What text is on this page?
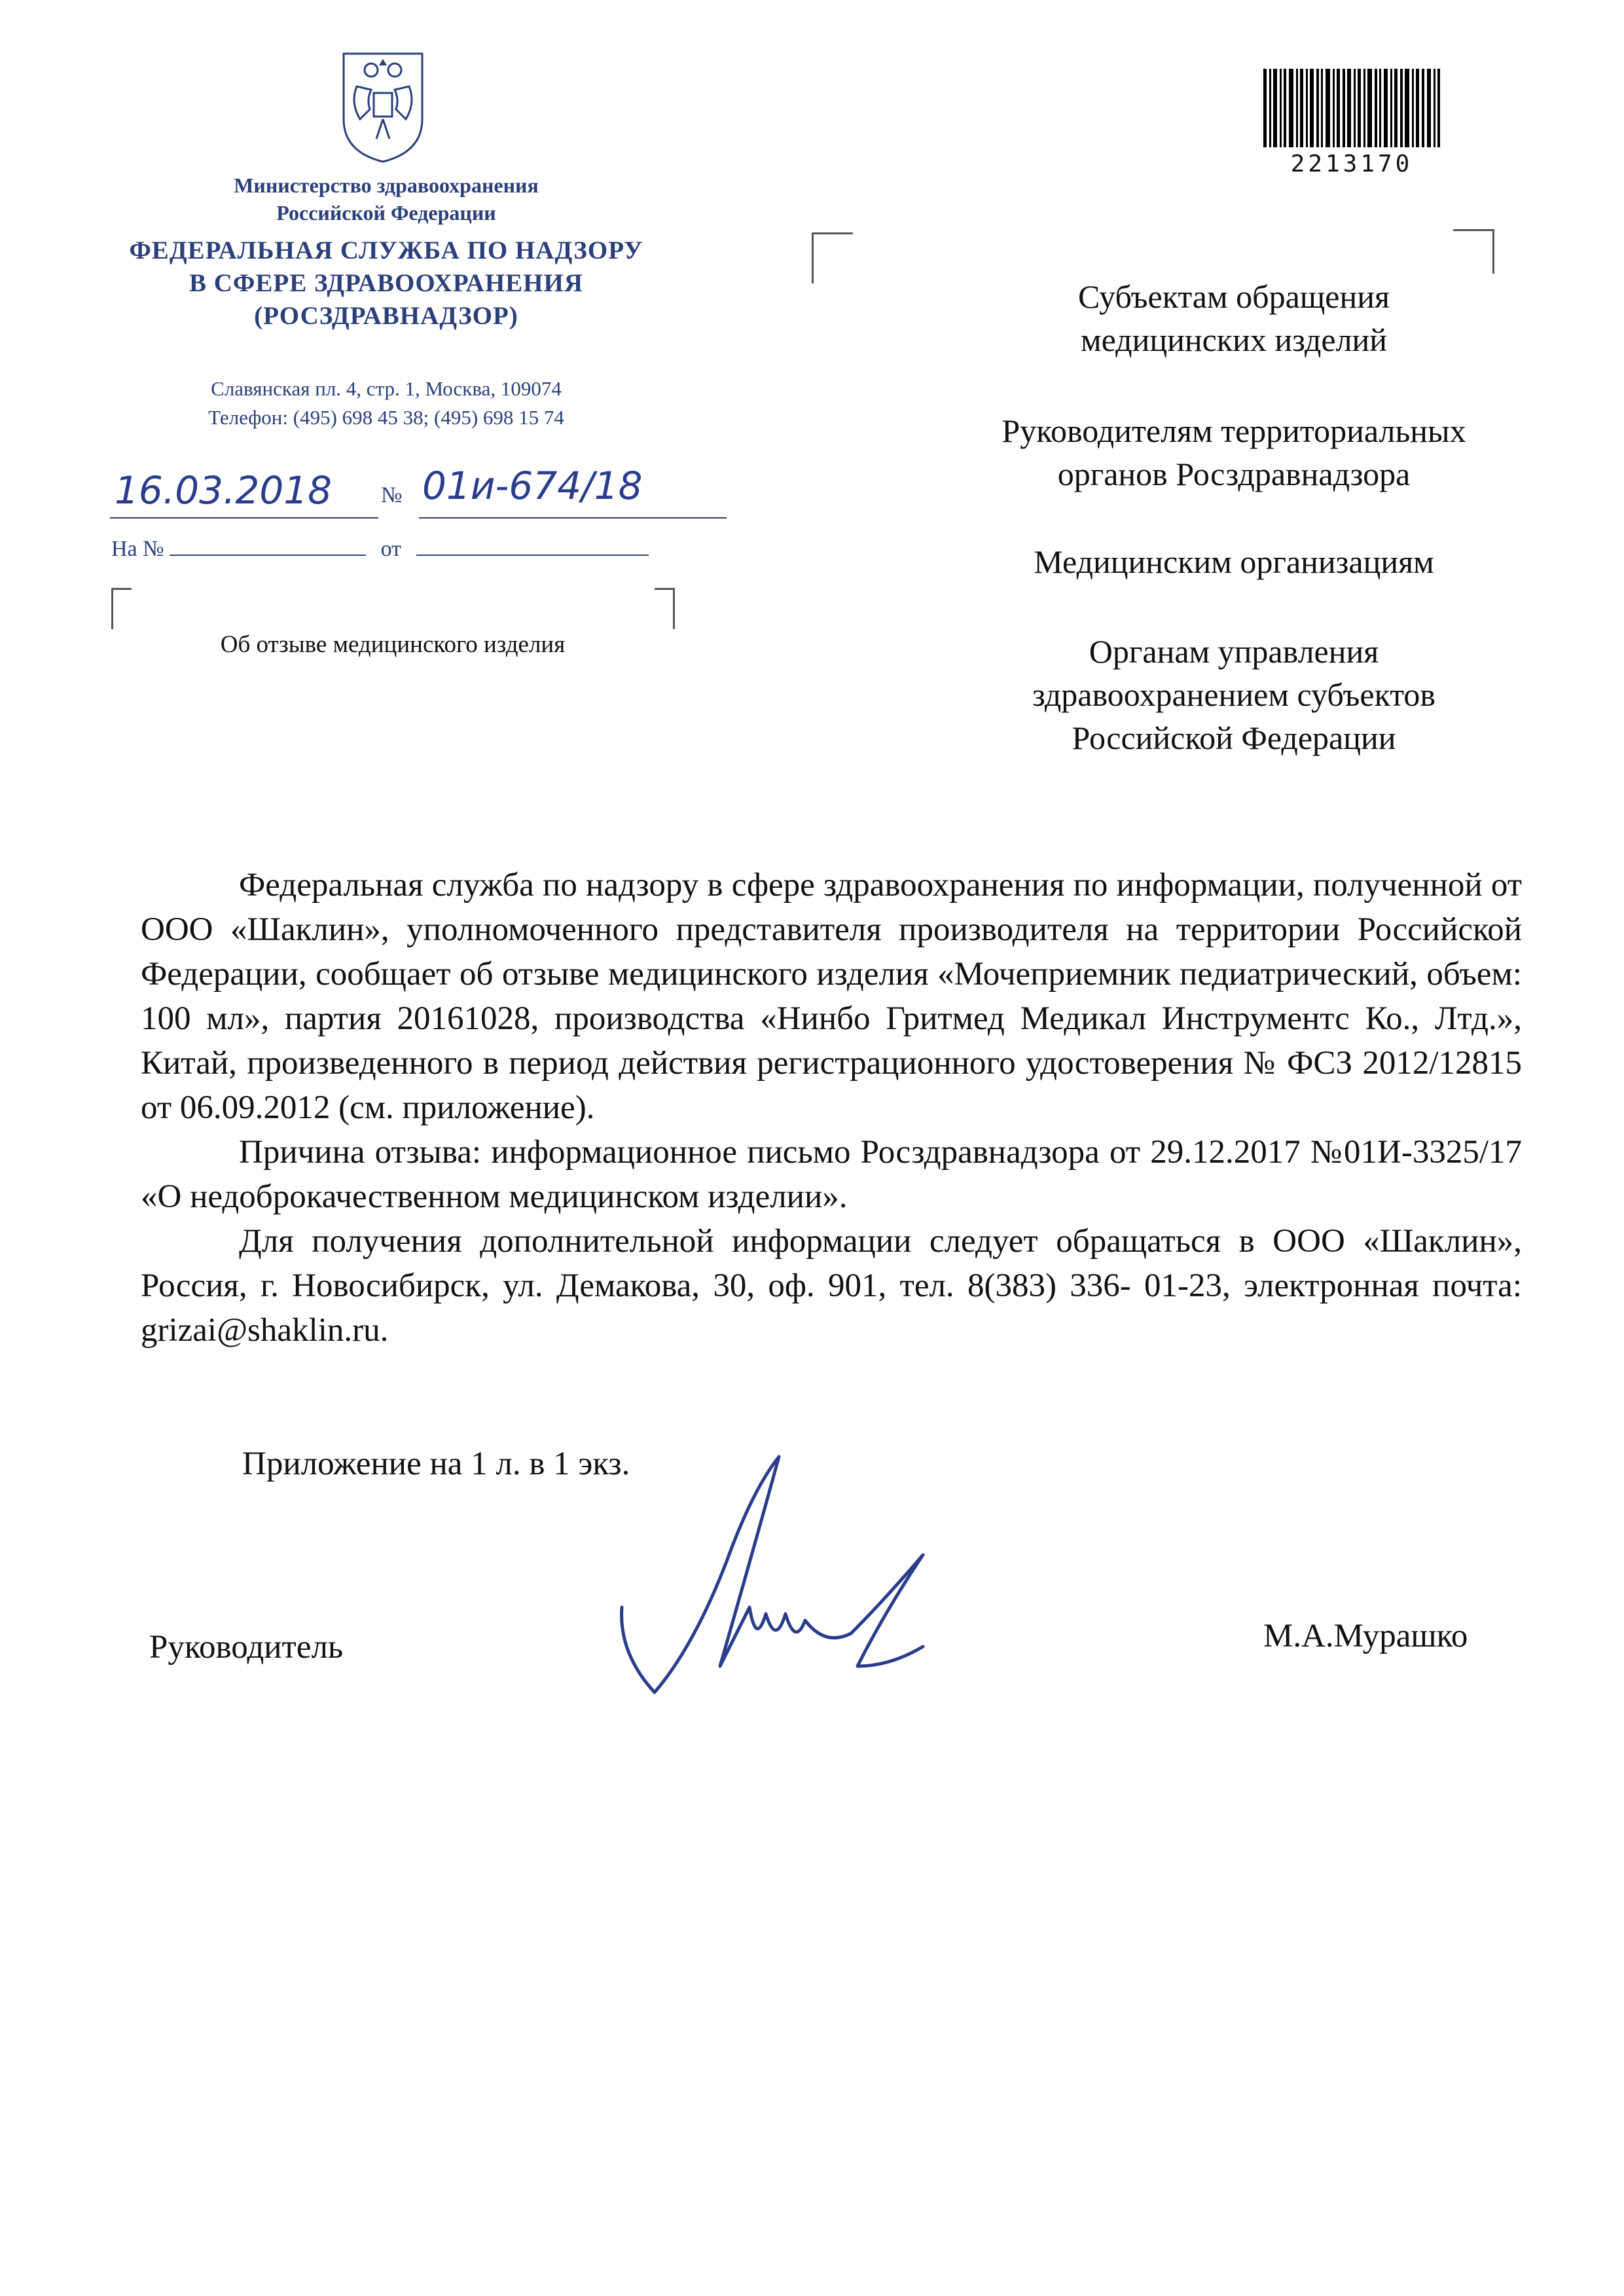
Министерство здравоохранения
Российской Федерации
ФЕДЕРАЛЬНАЯ СЛУЖБА ПО НАДЗОРУ
В СФЕРЕ ЗДРАВООХРАНЕНИЯ
(РОСЗДРАВНАДЗОР)
Славянская пл. 4, стр. 1, Москва, 109074
Телефон: (495) 698 45 38; (495) 698 15 74
16.03.2018 № 01и-674/18
На №	от
Об отзыве медицинского изделия
2213170
Субъектам обращения
медицинских изделий
Руководителям территориальных
органов Росздравнадзора
Медицинским организациям
Органам управления
здравоохранением субъектов
Российской Федерации

Федеральная служба по надзору в сфере здравоохранения по информации, полученной от ООО «Шаклин», уполномоченного представителя производителя на территории Российской Федерации, сообщает об отзыве медицинского изделия «Мочеприемник педиатрический, объем: 100 мл», партия 20161028, производства «Нинбо Гритмед Медикал Инструментс Ко., Лтд.», Китай, произведенного в период действия регистрационного удостоверения № ФСЗ 2012/12815 от 06.09.2012 (см. приложение).

Причина отзыва: информационное письмо Росздравнадзора от 29.12.2017 №01И-3325/17 «О недоброкачественном медицинском изделии».

Для получения дополнительной информации следует обращаться в ООО «Шаклин», Россия, г. Новосибирск, ул. Демакова, 30, оф. 901, тел. 8(383) 336- 01-23, электронная почта: grizai@shaklin.ru.

Приложение на 1 л. в 1 экз.
Руководитель	М.А.Мурашко
